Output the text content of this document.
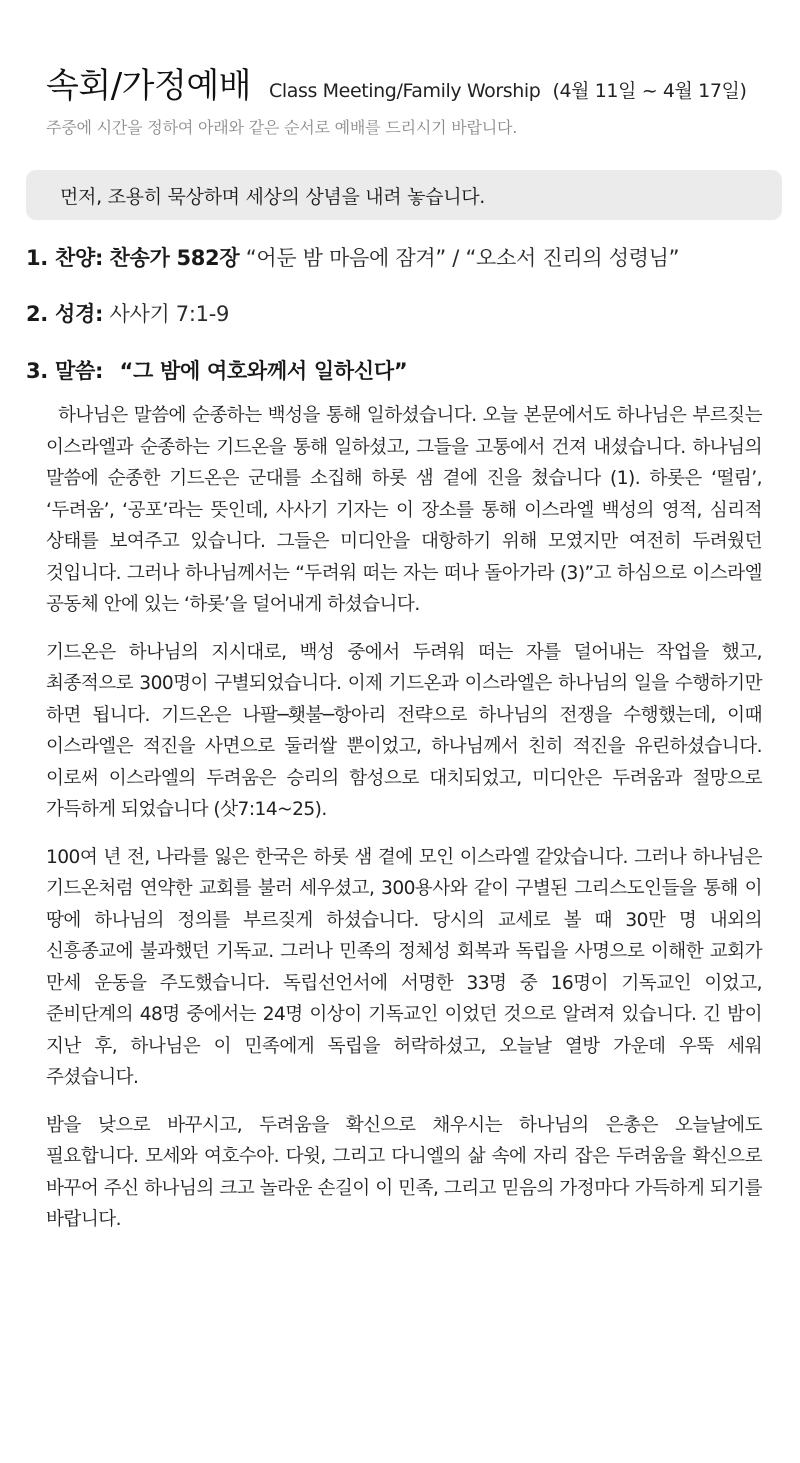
속회/가정예배 Class Meeting/Family Worship (4월 11일 ~ 4월 17일)
주중에 시간을 정하여 아래와 같은 순서로 예배를 드리시기 바랍니다.
먼저, 조용히 묵상하며 세상의 상념을 내려 놓습니다.
1. 찬양: 찬송가 582장 “어둔 밤 마음에 잠겨” / “오소서 진리의 성령님”
2. 성경: 사사기 7:1-9
3. 말씀: “그 밤에 여호와께서 일하신다”

하나님은 말씀에 순종하는 백성을 통해 일하셨습니다. 오늘 본문에서도 하나님은 부르짖는 이스라엘과 순종하는 기드온을 통해 일하셨고, 그들을 고통에서 건져 내셨습니다. 하나님의 말씀에 순종한 기드온은 군대를 소집해 하롯 샘 곁에 진을 쳤습니다 (1). 하롯은 ‘떨림’, ‘두려움’, ‘공포’라는 뜻인데, 사사기 기자는 이 장소를 통해 이스라엘 백성의 영적, 심리적 상태를 보여주고 있습니다. 그들은 미디안을 대항하기 위해 모였지만 여전히 두려웠던 것입니다. 그러나 하나님께서는 “두려워 떠는 자는 떠나 돌아가라 (3)”고 하심으로 이스라엘 공동체 안에 있는 ‘하롯’을 덜어내게 하셨습니다.

기드온은 하나님의 지시대로, 백성 중에서 두려워 떠는 자를 덜어내는 작업을 했고, 최종적으로 300명이 구별되었습니다. 이제 기드온과 이스라엘은 하나님의 일을 수행하기만 하면 됩니다. 기드온은 나팔─횃불─항아리 전략으로 하나님의 전쟁을 수행했는데, 이때 이스라엘은 적진을 사면으로 둘러쌀 뿐이었고, 하나님께서 친히 적진을 유린하셨습니다. 이로써 이스라엘의 두려움은 승리의 함성으로 대치되었고, 미디안은 두려움과 절망으로 가득하게 되었습니다 (삿7:14~25).

100여 년 전, 나라를 잃은 한국은 하롯 샘 곁에 모인 이스라엘 같았습니다. 그러나 하나님은 기드온처럼 연약한 교회를 불러 세우셨고, 300용사와 같이 구별된 그리스도인들을 통해 이 땅에 하나님의 정의를 부르짖게 하셨습니다. 당시의 교세로 볼 때 30만 명 내외의 신흥종교에 불과했던 기독교. 그러나 민족의 정체성 회복과 독립을 사명으로 이해한 교회가 만세 운동을 주도했습니다. 독립선언서에 서명한 33명 중 16명이 기독교인 이었고, 준비단계의 48명 중에서는 24명 이상이 기독교인 이었던 것으로 알려져 있습니다. 긴 밤이 지난 후, 하나님은 이 민족에게 독립을 허락하셨고, 오늘날 열방 가운데 우뚝 세워 주셨습니다.

밤을 낮으로 바꾸시고, 두려움을 확신으로 채우시는 하나님의 은총은 오늘날에도 필요합니다. 모세와 여호수아. 다윗, 그리고 다니엘의 삶 속에 자리 잡은 두려움을 확신으로 바꾸어 주신 하나님의 크고 놀라운 손길이 이 민족, 그리고 믿음의 가정마다 가득하게 되기를 바랍니다.
